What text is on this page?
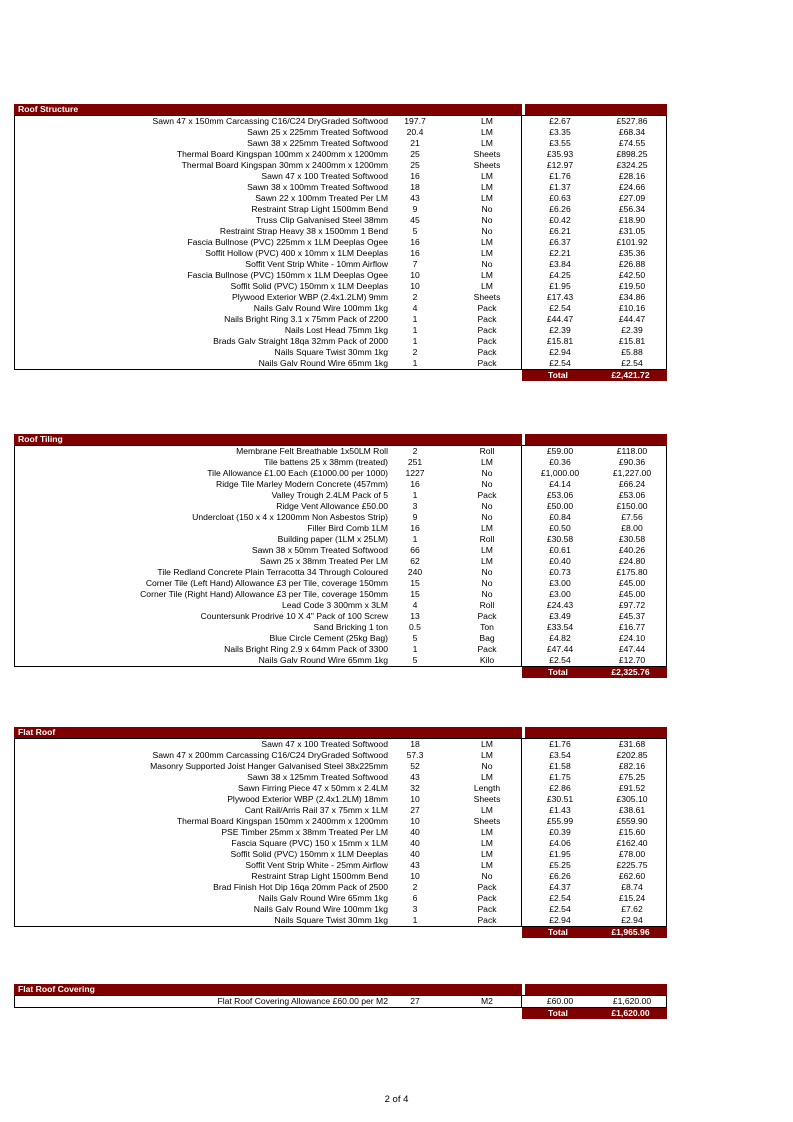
Roof Structure
Sawn 47 x 150mm Carcassing C16/C24 DryGraded Softwood	197.7	LM	£2.67	£527.86
Sawn 25 x 225mm Treated Softwood	20.4	LM	£3.35	£68.34
Sawn 38 x 225mm Treated Softwood	21	LM	£3.55	£74.55
Thermal Board Kingspan 100mm x 2400mm x 1200mm	25	Sheets	£35.93	£898.25
Thermal Board Kingspan 30mm x 2400mm x 1200mm	25	Sheets	£12.97	£324.25
Sawn 47 x 100 Treated Softwood	16	LM	£1.76	£28.16
Sawn 38 x 100mm Treated Softwood	18	LM	£1.37	£24.66
Sawn 22 x 100mm Treated Per LM	43	LM	£0.63	£27.09
Restraint Strap Light 1500mm Bend	9	No	£6.26	£56.34
Truss Clip Galvanised Steel 38mm	45	No	£0.42	£18.90
Restraint Strap Heavy 38 x 1500mm 1 Bend	5	No	£6.21	£31.05
Fascia Bullnose (PVC) 225mm x 1LM Deeplas Ogee	16	LM	£6.37	£101.92
Soffit Hollow (PVC) 400 x 10mm x 1LM Deeplas	16	LM	£2.21	£35.36
Soffit Vent Strip White - 10mm Airflow	7	No	£3.84	£26.88
Fascia Bullnose (PVC) 150mm x 1LM Deeplas Ogee	10	LM	£4.25	£42.50
Soffit Solid (PVC) 150mm x 1LM Deeplas	10	LM	£1.95	£19.50
Plywood Exterior WBP (2.4x1.2LM) 9mm	2	Sheets	£17.43	£34.86
Nails Galv Round Wire 100mm 1kg	4	Pack	£2.54	£10.16
Nails Bright Ring 3.1 x 75mm Pack of 2200	1	Pack	£44.47	£44.47
Nails Lost Head 75mm 1kg	1	Pack	£2.39	£2.39
Brads Galv Straight 18qa 32mm Pack of 2000	1	Pack	£15.81	£15.81
Nails Square Twist 30mm 1kg	2	Pack	£2.94	£5.88
Nails Galv Round Wire 65mm 1kg	1	Pack	£2.54	£2.54
Total	£2,421.72
Roof Tiling
Membrane Felt Breathable 1x50LM Roll	2	Roll	£59.00	£118.00
Tile battens 25 x 38mm (treated)	251	LM	£0.36	£90.36
Tile Allowance £1.00 Each (£1000.00 per 1000)	1227	No	£1,000.00	£1,227.00
Ridge Tile Marley Modern Concrete (457mm)	16	No	£4.14	£66.24
Valley Trough 2.4LM Pack of 5	1	Pack	£53.06	£53.06
Ridge Vent Allowance £50.00	3	No	£50.00	£150.00
Undercloat (150 x 4 x 1200mm Non Asbestos Strip)	9	No	£0.84	£7.56
Filler Bird Comb 1LM	16	LM	£0.50	£8.00
Building paper (1LM x 25LM)	1	Roll	£30.58	£30.58
Sawn 38 x 50mm Treated Softwood	66	LM	£0.61	£40.26
Sawn 25 x 38mm Treated Per LM	62	LM	£0.40	£24.80
Tile Redland Concrete Plain Terracotta 34 Through Coloured	240	No	£0.73	£175.80
Corner Tile (Left Hand) Allowance £3 per Tile, coverage 150mm	15	No	£3.00	£45.00
Corner Tile (Right Hand) Allowance £3 per Tile, coverage 150mm	15	No	£3.00	£45.00
Lead Code 3 300mm x 3LM	4	Roll	£24.43	£97.72
Countersunk Prodrive 10 X 4" Pack of 100 Screw	13	Pack	£3.49	£45.37
Sand Bricking 1 ton	0.5	Ton	£33.54	£16.77
Blue Circle Cement (25kg Bag)	5	Bag	£4.82	£24.10
Nails Bright Ring 2.9 x 64mm Pack of 3300	1	Pack	£47.44	£47.44
Nails Galv Round Wire 65mm 1kg	5	Kilo	£2.54	£12.70
Total	£2,325.76
Flat Roof
Sawn 47 x 100 Treated Softwood	18	LM	£1.76	£31.68
Sawn 47 x 200mm Carcassing C16/C24 DryGraded Softwood	57.3	LM	£3.54	£202.85
Masonry Supported Joist Hanger Galvanised Steel 38x225mm	52	No	£1.58	£82.16
Sawn 38 x 125mm Treated Softwood	43	LM	£1.75	£75.25
Sawn Firring Piece 47 x 50mm x 2.4LM	32	Length	£2.86	£91.52
Plywood Exterior WBP (2.4x1.2LM) 18mm	10	Sheets	£30.51	£305.10
Cant Rail/Arris Rail 37 x 75mm x 1LM	27	LM	£1.43	£38.61
Thermal Board Kingspan 150mm x 2400mm x 1200mm	10	Sheets	£55.99	£559.90
PSE Timber 25mm x 38mm Treated Per LM	40	LM	£0.39	£15.60
Fascia Square (PVC) 150 x 15mm x 1LM	40	LM	£4.06	£162.40
Soffit Solid (PVC) 150mm x 1LM Deeplas	40	LM	£1.95	£78.00
Soffit Vent Strip White - 25mm Airflow	43	LM	£5.25	£225.75
Restraint Strap Light 1500mm Bend	10	No	£6.26	£62.60
Brad Finish Hot Dip 16qa 20mm Pack of 2500	2	Pack	£4.37	£8.74
Nails Galv Round Wire 65mm 1kg	6	Pack	£2.54	£15.24
Nails Galv Round Wire 100mm 1kg	3	Pack	£2.54	£7.62
Nails Square Twist 30mm 1kg	1	Pack	£2.94	£2.94
Total	£1,965.96
Flat Roof Covering
Flat Roof Covering Allowance £60.00 per M2	27	M2	£60.00	£1,620.00
Total	£1,620.00
2 of 4
